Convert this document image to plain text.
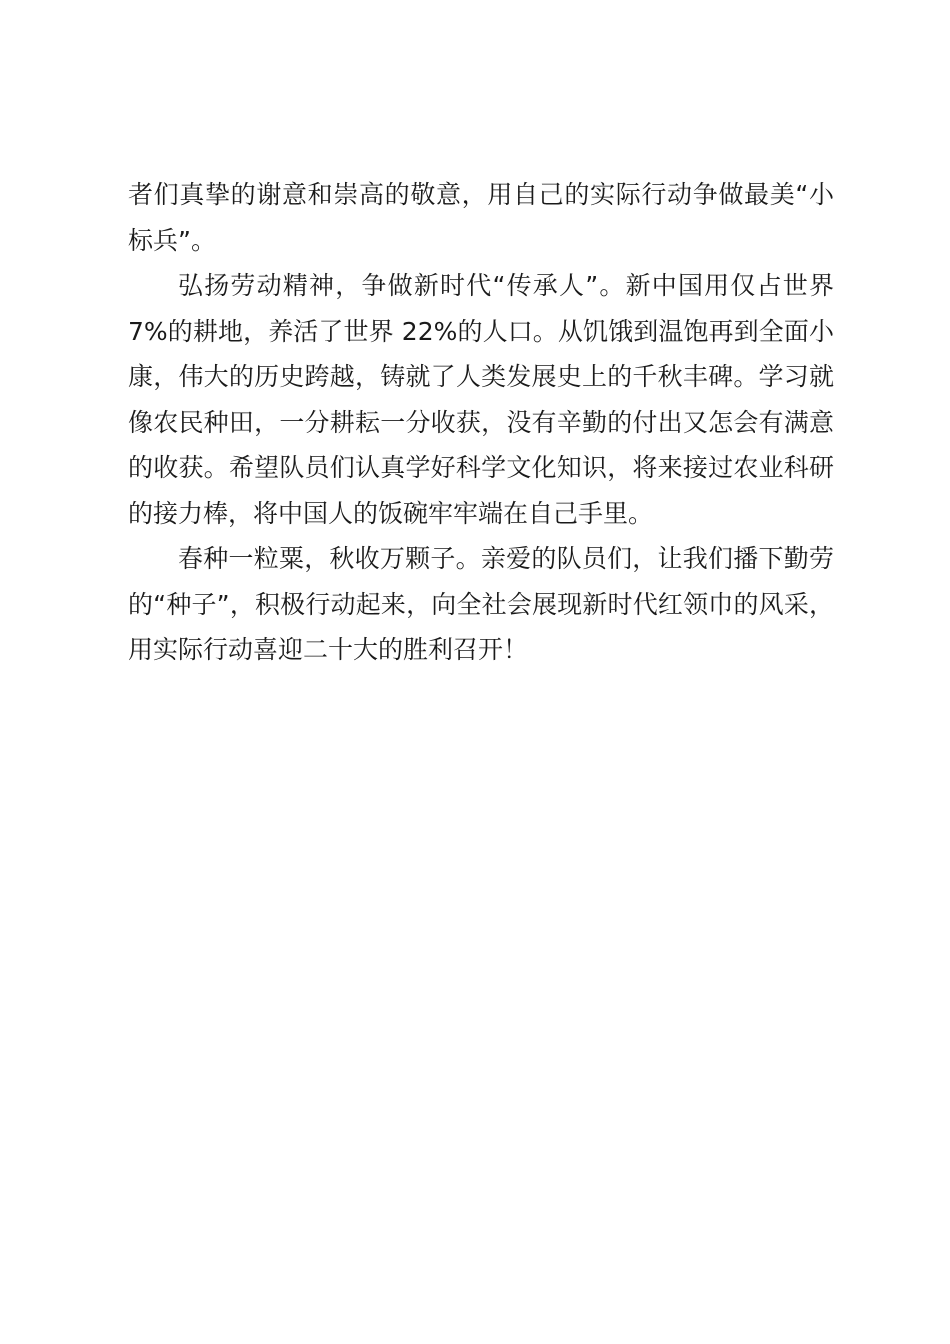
者们真挚的谢意和崇高的敬意，用自己的实际行动争做最美“小标兵”。

弘扬劳动精神，争做新时代“传承人”。新中国用仅占世界 7%的耕地，养活了世界 22%的人口。从饥饿到温饱再到全面小康，伟大的历史跨越，铸就了人类发展史上的千秋丰碑。学习就像农民种田，一分耕耘一分收获，没有辛勤的付出又怎会有满意的收获。希望队员们认真学好科学文化知识，将来接过农业科研的接力棒，将中国人的饭碗牢牢端在自己手里。

春种一粒粟，秋收万颗子。亲爱的队员们，让我们播下勤劳的“种子”，积极行动起来，向全社会展现新时代红领巾的风采，用实际行动喜迎二十大的胜利召开！
